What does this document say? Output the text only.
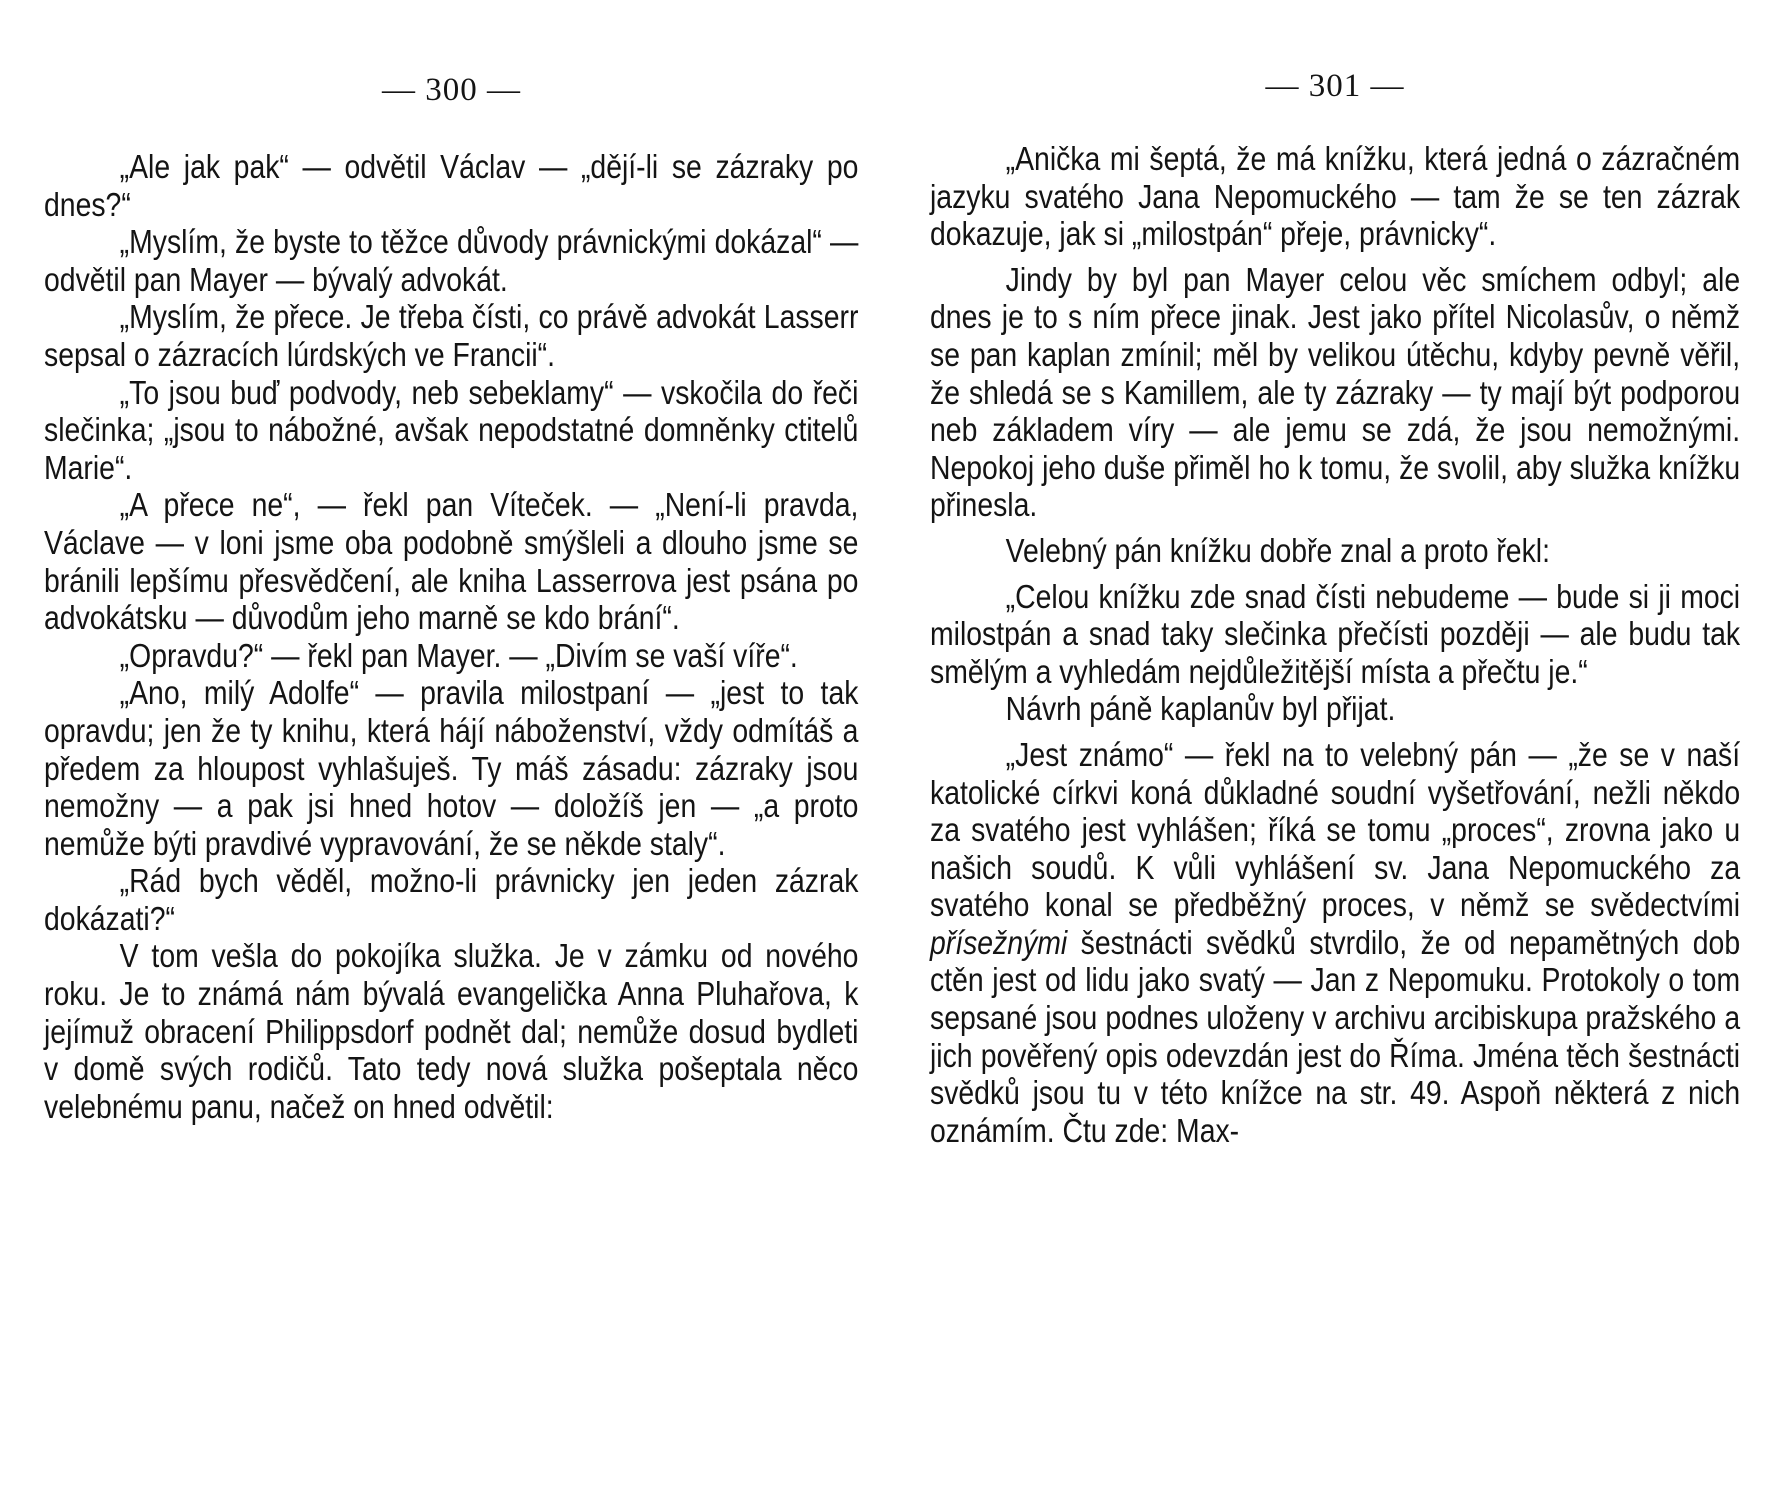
— 300 —

„Ale jak pak“ — odvětil Václav — „dějí-li se zázraky po dnes?“

„Myslím, že byste to těžce důvody právnickými dokázal“ — odvětil pan Mayer — bývalý advokát.

„Myslím, že přece. Je třeba čísti, co právě advokát Lasserr sepsal o zázracích lúrdských ve Francii“.

„To jsou buď podvody, neb sebeklamy“ — vskočila do řeči slečinka; „jsou to nábožné, avšak nepodstatné domněnky ctitelů Marie“.

„A přece ne“, — řekl pan Víteček. — „Není-li pravda, Václave — v loni jsme oba podobně smýšleli a dlouho jsme se bránili lepšímu přesvědčení, ale kniha Lasserrova jest psána po advokátsku — důvodům jeho marně se kdo brání“.

„Opravdu?“ — řekl pan Mayer. — „Divím se vaší víře“.

„Ano, milý Adolfe“ — pravila milostpaní — „jest to tak opravdu; jen že ty knihu, která hájí náboženství, vždy odmítáš a předem za hloupost vyhlašuješ. Ty máš zásadu: zázraky jsou nemožny — a pak jsi hned hotov — doložíš jen — „a proto nemůže býti pravdivé vypravování, že se někde staly“.

„Rád bych věděl, možno-li právnicky jen jeden zázrak dokázati?“

V tom vešla do pokojíka služka. Je v zámku od nového roku. Je to známá nám bývalá evangelička Anna Pluhařova, k jejímuž obracení Philippsdorf podnět dal; nemůže dosud bydleti v domě svých rodičů. Tato tedy nová služka pošeptala něco velebnému panu, načež on hned odvětil:

— 301 —

„Anička mi šeptá, že má knížku, která jedná o zázračném jazyku svatého Jana Nepomuckého — tam že se ten zázrak dokazuje, jak si „milostpán“ přeje, právnicky“.

Jindy by byl pan Mayer celou věc smíchem odbyl; ale dnes je to s ním přece jinak. Jest jako přítel Nicolasův, o němž se pan kaplan zmínil; měl by velikou útěchu, kdyby pevně věřil, že shledá se s Kamillem, ale ty zázraky — ty mají být podporou neb základem víry — ale jemu se zdá, že jsou nemožnými. Nepokoj jeho duše přiměl ho k tomu, že svolil, aby služka knížku přinesla.

Velebný pán knížku dobře znal a proto řekl:

„Celou knížku zde snad čísti nebudeme — bude si ji moci milostpán a snad taky slečinka přečísti později — ale budu tak smělým a vyhledám nejdůležitější místa a přečtu je.“

Návrh páně kaplanův byl přijat.

„Jest známo“ — řekl na to velebný pán — „že se v naší katolické církvi koná důkladné soudní vyšetřování, nežli někdo za svatého jest vyhlášen; říká se tomu „proces“, zrovna jako u našich soudů. K vůli vyhlášení sv. Jana Nepomuckého za svatého konal se předběžný proces, v němž se svědectvími přísežnými šestnácti svědků stvrdilo, že od nepamětných dob ctěn jest od lidu jako svatý — Jan z Nepomuku. Protokoly o tom sepsané jsou podnes uloženy v archivu arcibiskupa pražského a jich pověřený opis odevzdán jest do Říma. Jména těch šestnácti svědků jsou tu v této knížce na str. 49. Aspoň některá z nich oznámím. Čtu zde: Max-
